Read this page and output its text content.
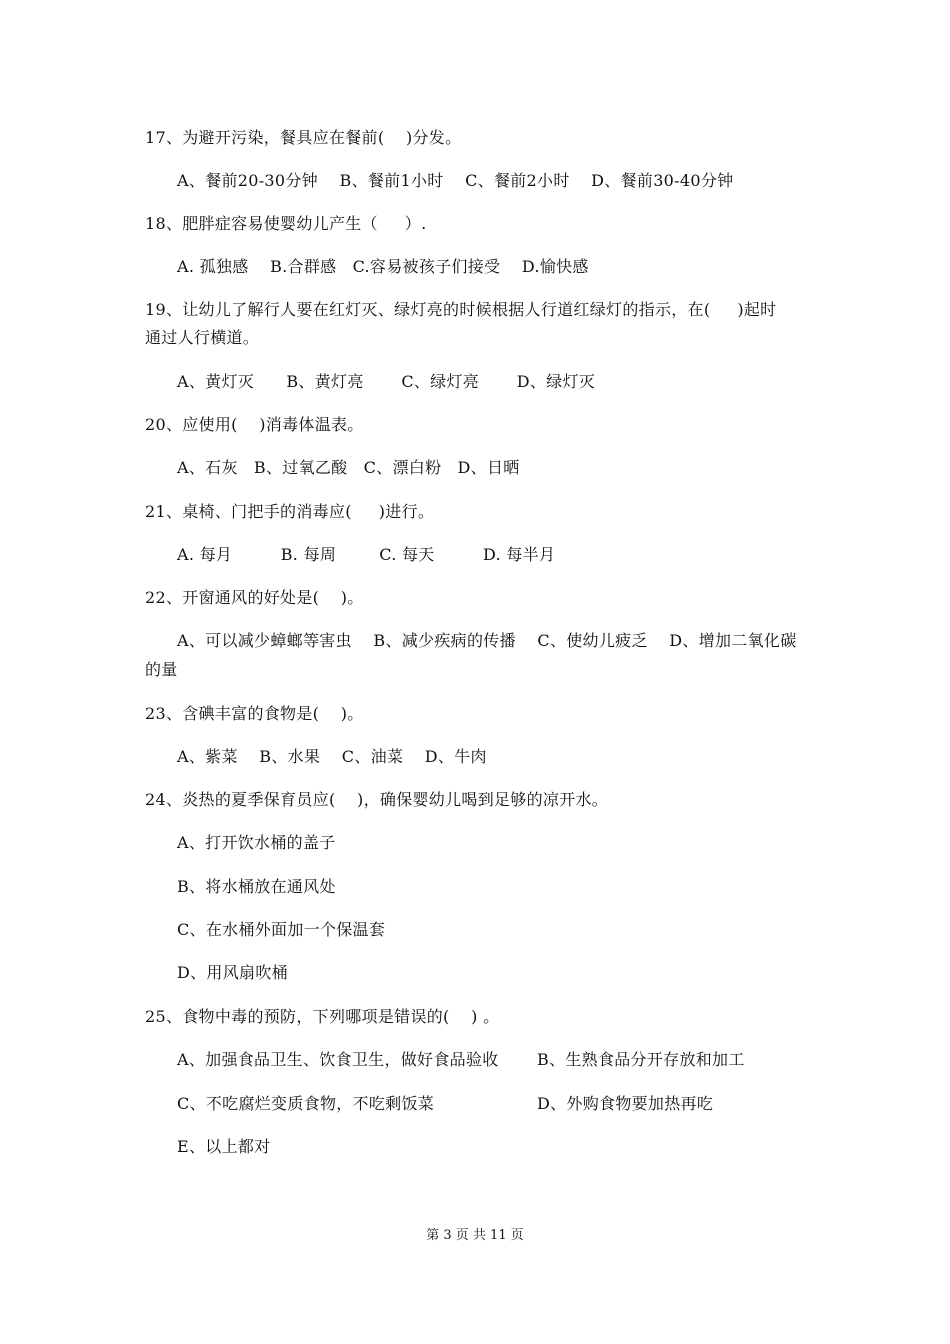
17、为避开污染，餐具应在餐前(    )分发。
A、餐前20-30分钟    B、餐前1小时    C、餐前2小时    D、餐前30-40分钟
18、肥胖症容易使婴幼儿产生（     ）.
A. 孤独感    B.合群感   C.容易被孩子们接受    D.愉快感
19、让幼儿了解行人要在红灯灭、绿灯亮的时候根据人行道红绿灯的指示，在(     )起时
通过人行横道。
A、黄灯灭      B、黄灯亮       C、绿灯亮       D、绿灯灭
20、应使用(    )消毒体温表。
A、石灰   B、过氧乙酸   C、漂白粉   D、日晒
21、桌椅、门把手的消毒应(     )进行。
A. 每月         B. 每周        C. 每天         D. 每半月
22、开窗通风的好处是(    )。
A、可以减少蟑螂等害虫    B、减少疾病的传播    C、使幼儿疲乏    D、增加二氧化碳
的量
23、含碘丰富的食物是(    )。
A、紫菜    B、水果    C、油菜    D、牛肉
24、炎热的夏季保育员应(    )，确保婴幼儿喝到足够的凉开水。
A、打开饮水桶的盖子
B、将水桶放在通风处
C、在水桶外面加一个保温套
D、用风扇吹桶
25、食物中毒的预防，下列哪项是错误的(    ) 。
A、加强食品卫生、饮食卫生，做好食品验收 B、生熟食品分开存放和加工
C、不吃腐烂变质食物，不吃剩饭菜	D、外购食物要加热再吃
E、以上都对
第 3 页 共 11 页
